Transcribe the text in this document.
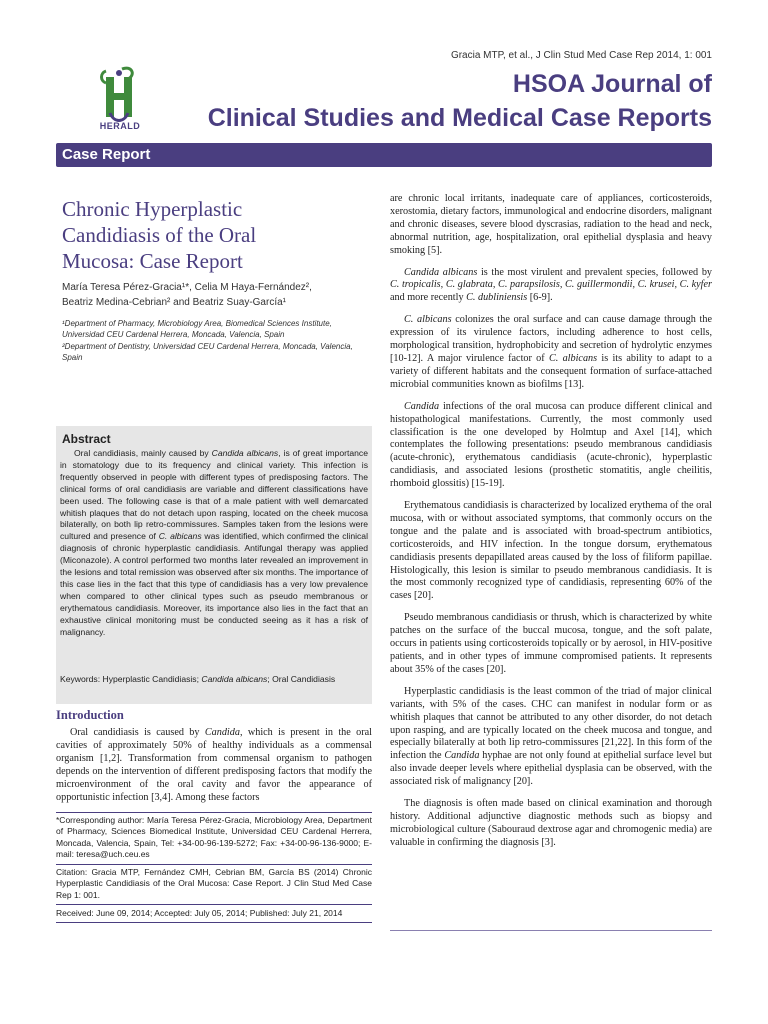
Gracia MTP, et al., J Clin Stud Med Case Rep 2014, 1: 001
HERALD
HSOA Journal of
Clinical Studies and Medical Case Reports
Case Report
Chronic Hyperplastic
Candidiasis of the Oral
Mucosa: Case Report
María Teresa Pérez-Gracia¹*, Celia M Haya-Fernández²,
Beatriz Medina-Cebrian² and Beatriz Suay-García¹
¹Department of Pharmacy, Microbiology Area, Biomedical Sciences Institute, Universidad CEU Cardenal Herrera, Moncada, Valencia, Spain
²Department of Dentistry, Universidad CEU Cardenal Herrera, Moncada, Valencia, Spain
Abstract
Oral candidiasis, mainly caused by Candida albicans, is of great importance in stomatology due to its frequency and clinical variety. This infection is frequently observed in people with different types of predisposing factors. The clinical forms of oral candidiasis are variable and different classifications have been used. The following case is that of a male patient with well demarcated whitish plaques that do not detach upon rasping, located on the cheek mucosa bilaterally, on both lip retro-commissures. Samples taken from the lesions were cultured and presence of C. albicans was identified, which confirmed the clinical diagnosis of chronic hyperplastic candidiasis. Antifungal therapy was applied (Miconazole). A control performed two months later revealed an improvement in the lesions and total remission was observed after six months. The importance of this case lies in the fact that this type of candidiasis has a very low prevalence when compared to other clinical types such as pseudo membranous or erythematous candidiasis. Moreover, its importance also lies in the fact that an exhaustive clinical monitoring must be conducted seeing as it has a risk of malignancy.
Keywords: Hyperplastic Candidiasis; Candida albicans; Oral Candidiasis
Introduction
Oral candidiasis is caused by Candida, which is present in the oral cavities of approximately 50% of healthy individuals as a commensal organism [1,2]. Transformation from commensal organism to pathogen depends on the intervention of different predisposing factors that modify the microenvironment of the oral cavity and favor the appearance of opportunistic infection [3,4]. Among these factors
*Corresponding author: María Teresa Pérez-Gracia, Microbiology Area, Department of Pharmacy, Sciences Biomedical Institute, Universidad CEU Cardenal Herrera, Moncada, Valencia, Spain, Tel: +34-00-96-139-5272; Fax: +34-00-96-136-9000; E-mail: teresa@uch.ceu.es
Citation: Gracia MTP, Fernández CMH, Cebrian BM, García BS (2014) Chronic Hyperplastic Candidiasis of the Oral Mucosa: Case Report. J Clin Stud Med Case Rep 1: 001.
Received: June 09, 2014; Accepted: July 05, 2014; Published: July 21, 2014

are chronic local irritants, inadequate care of appliances, corticosteroids, xerostomia, dietary factors, immunological and endocrine disorders, malignant and chronic diseases, severe blood dyscrasias, radiation to the head and neck, abnormal nutrition, age, hospitalization, oral epithelial dysplasia and heavy smoking [5].

Candida albicans is the most virulent and prevalent species, followed by C. tropicalis, C. glabrata, C. parapsilosis, C. guillermondii, C. krusei, C. kyfer and more recently C. dubliniensis [6-9].

C. albicans colonizes the oral surface and can cause damage through the expression of its virulence factors, including adherence to host cells, morphological transition, hydrophobicity and secretion of hydrolytic enzymes [10-12]. A major virulence factor of C. albicans is its ability to adapt to a variety of different habitats and the consequent formation of surface-attached microbial communities known as biofilms [13].

Candida infections of the oral mucosa can produce different clinical and histopathological manifestations. Currently, the most commonly used classification is the one developed by Holmtup and Axel [14], which contemplates the following presentations: pseudo membranous candidiasis (acute-chronic), erythematous candidiasis (acute-chronic), hyperplastic candidiasis, and associated lesions (prosthetic stomatitis, angle cheilitis, rhomboid glossitis) [15-19].

Erythematous candidiasis is characterized by localized erythema of the oral mucosa, with or without associated symptoms, that commonly occurs on the tongue and the palate and is associated with broad-spectrum antibiotics, corticosteroids, and HIV infection. In the tongue dorsum, erythematous candidiasis presents depapillated areas caused by the loss of filiform papillae. Histologically, this lesion is similar to pseudo membranous candidiasis. It is the most commonly recognized type of candidiasis, representing 60% of the cases [20].

Pseudo membranous candidiasis or thrush, which is characterized by white patches on the surface of the buccal mucosa, tongue, and the soft palate, occurs in patients using corticosteroids topically or by aerosol, in HIV-positive patients, and in other types of immune compromised patients. It represents about 35% of the cases [20].

Hyperplastic candidiasis is the least common of the triad of major clinical variants, with 5% of the cases. CHC can manifest in nodular form or as whitish plaques that cannot be attributed to any other disorder, do not detach upon rasping, and are typically located on the cheek mucosa and tongue, and especially bilaterally at both lip retro-commissures [21,22]. In this form of the infection the Candida hyphae are not only found at epithelial surface level but also invade deeper levels where epithelial dysplasia can be observed, with the associated risk of malignancy [20].

The diagnosis is often made based on clinical examination and thorough history. Additional adjunctive diagnostic methods such as biopsy and microbiological culture (Sabouraud dextrose agar and chromogenic media) are valuable in confirming the diagnosis [3].
